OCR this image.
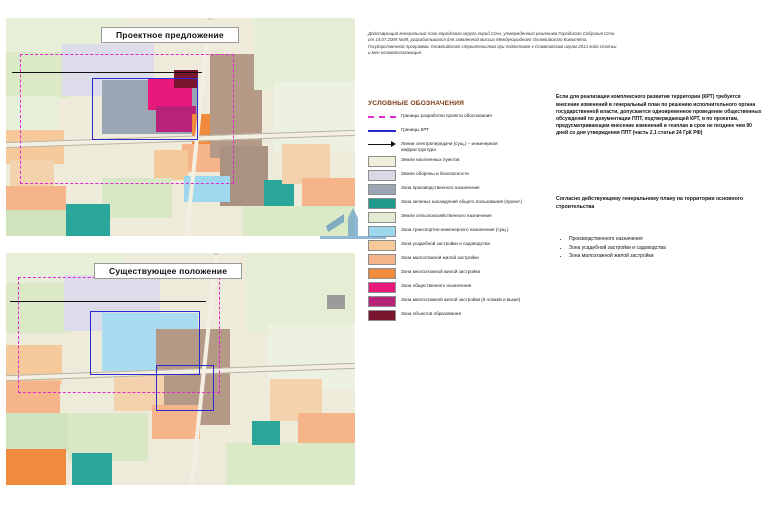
Проектное предложение
Существующее положение
Действующий генеральный план городского округа город Сочи, утвержденный решением Городского Собрания Сочи от 14.07.2009 №89, разрабатывался для заявленной миссии Международного Олимпийского Комитета, Государственной программы Олимпийского строительства при подготовке к Олимпийским играм 2014 года статьи и мен основополагающие.
УСЛОВНЫЕ ОБОЗНАЧЕНИЯ
Границы разработки проекта обоснования
Границы КРТ
Линии электропередачи (сущ.) – инженерная инфраструктура
Земли населенных пунктов
Земли обороны и безопасности
Зона производственного назначения
Зона зеленых насаждений общего пользования (проект.)
Земли сельскохозяйственного назначения
Зона транспортно-инженерного назначения (сущ.)
Зона усадебной застройки и садоводства
Зона малоэтажной жилой застройки
Зона многоэтажной жилой застройки
Зона общественного назначения
Зона многоэтажной жилой застройки (9 этажей и выше)
Зона объектов образования
Если для реализации комплексного развития территории (КРТ) требуется
внесение изменений в генеральный план по решению исполнительного органа государственной власти, допускается одновременное проведение общественных обсуждений по документации ППТ, подтверждающей КРТ, и по проектам, предусматривающим внесение изменений в генплан в срок не позднее чем 90 дней со дня утверждения ППТ (часть 2.1 статьи 24 ГрК РФ)
Согласно действующему генеральному плану на территории основного строительства
• Производственного назначения
• Зона усадебной застройки и садоводства
• Зона малоэтажной жилой застройки
